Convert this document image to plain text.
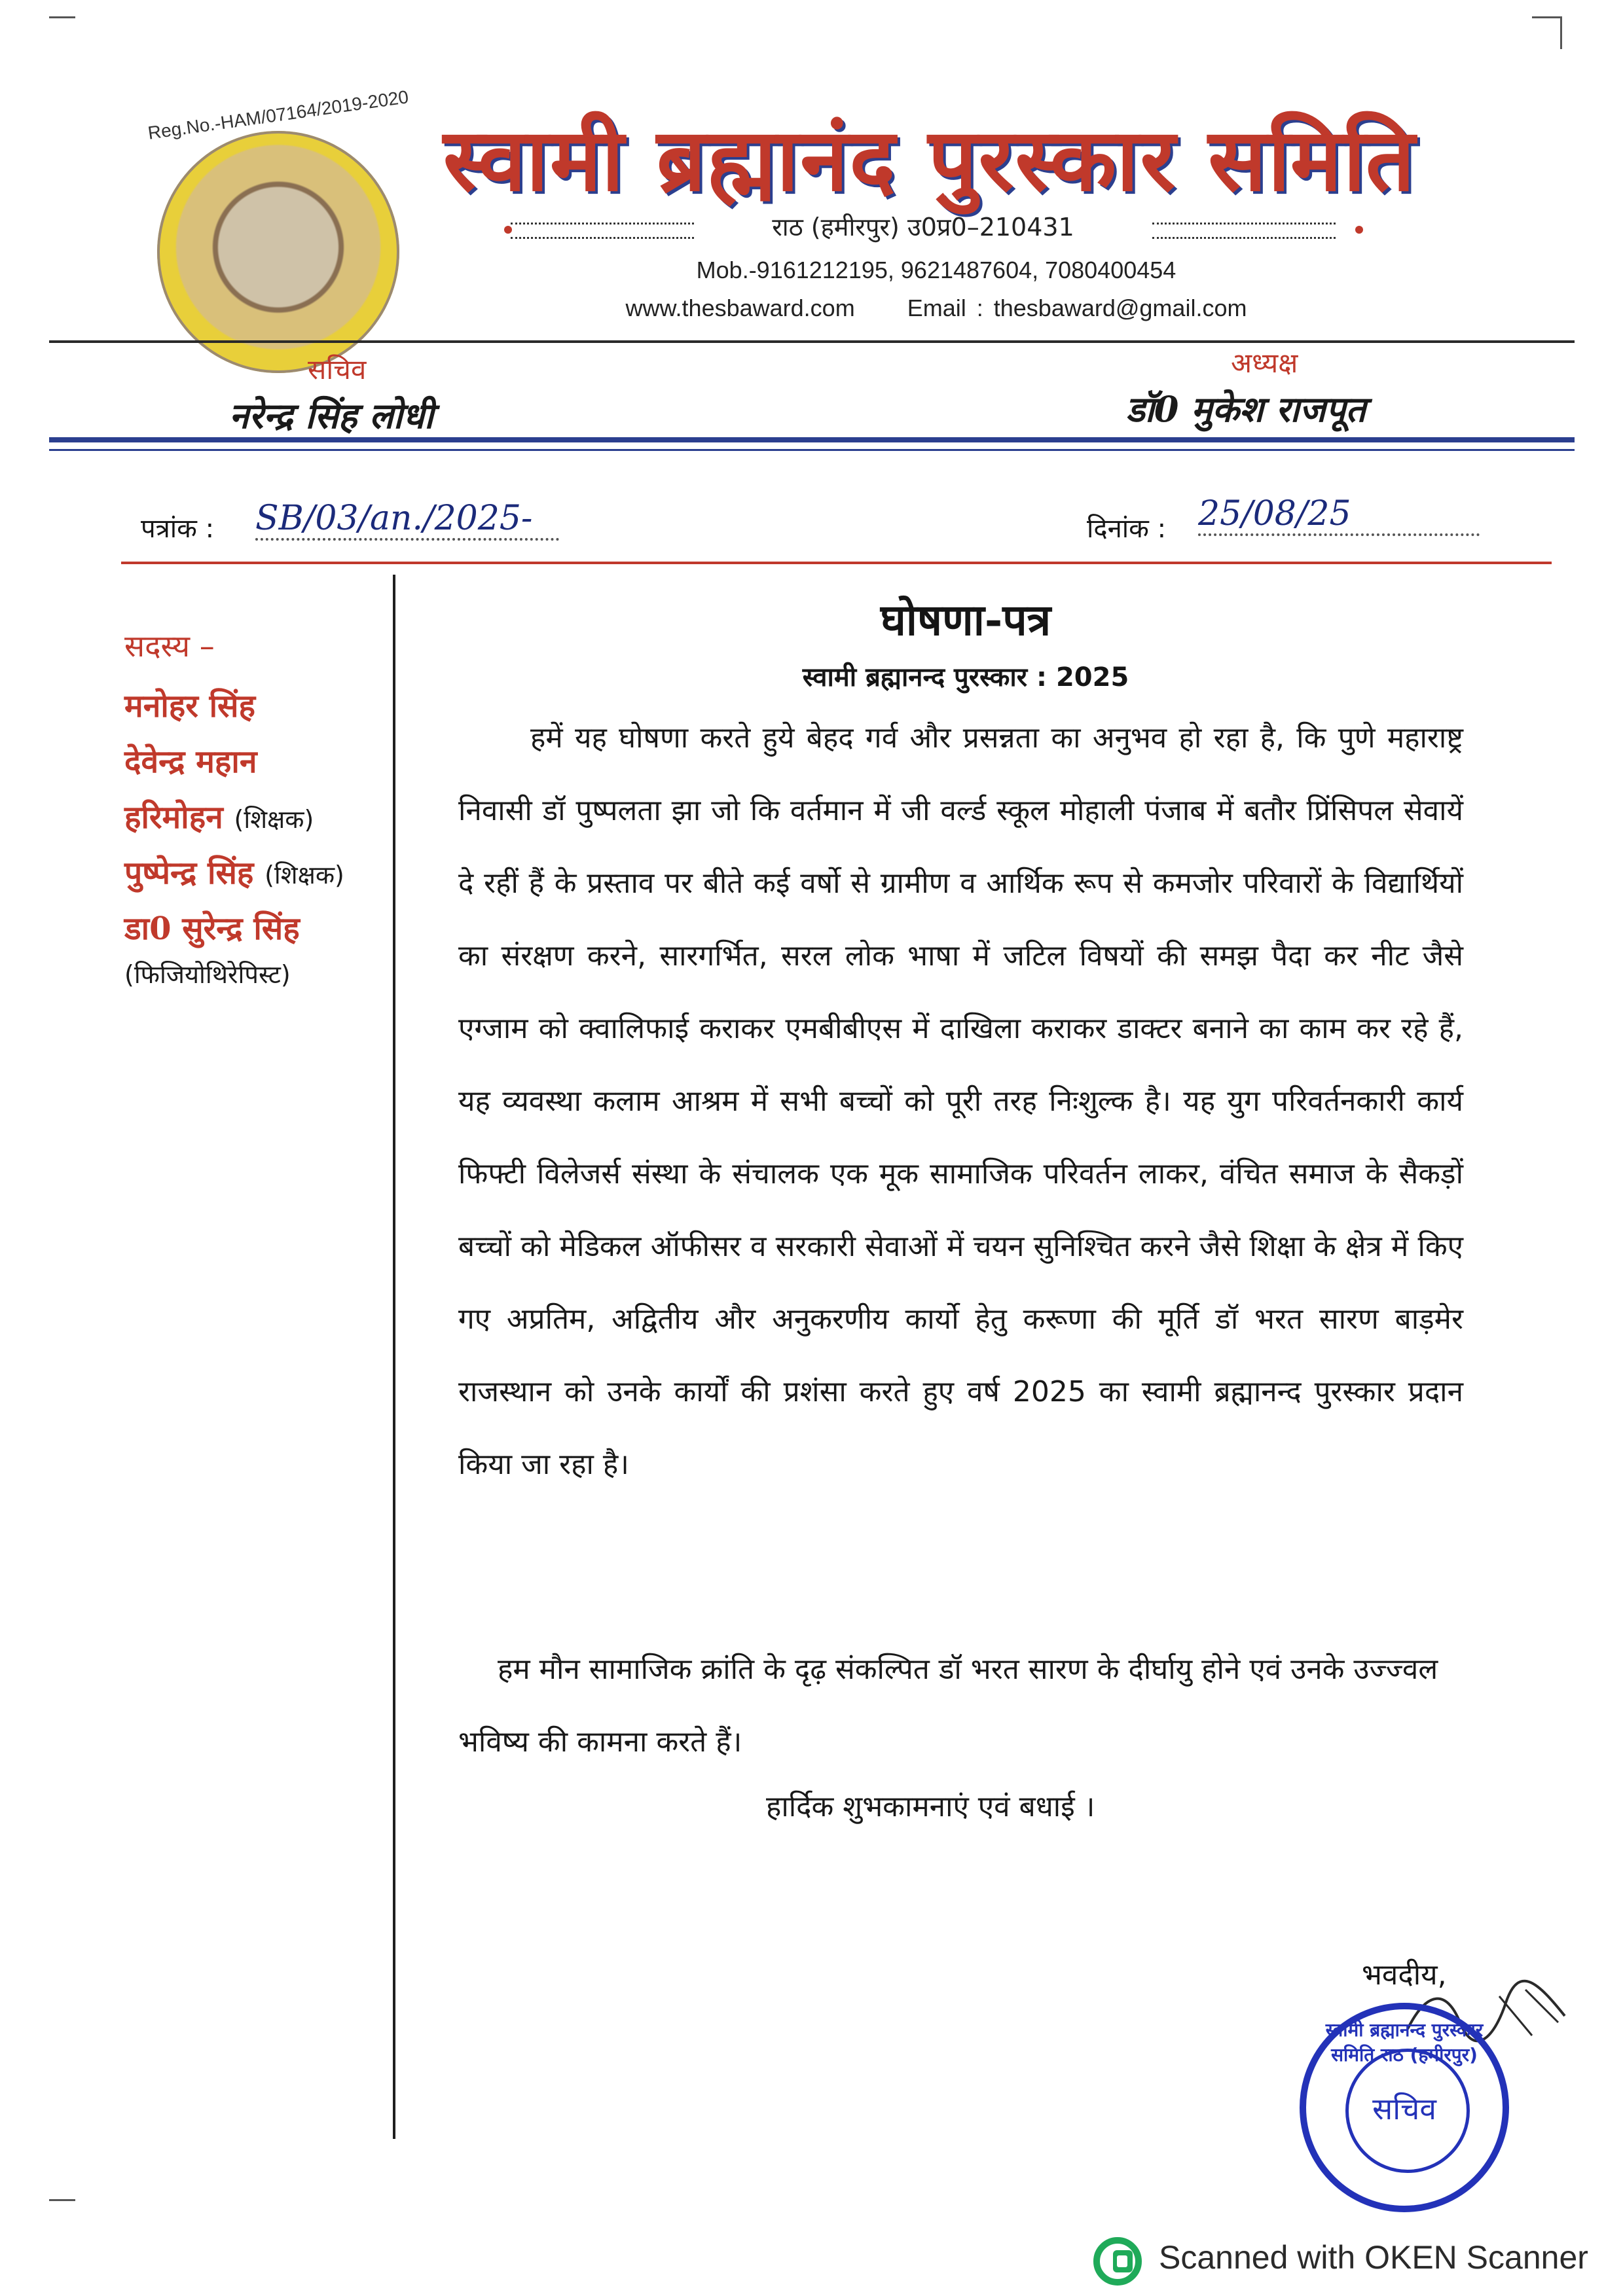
Reg.No.-HAM/07164/2019-2020 स्वामी ब्रह्मानंद पुरस्कार समिति
राठ (हमीरपुर) उ0प्र0–210431
Mob.-9161212195, 9621487604, 7080400454
www.thesbaward.com Email : thesbaward@gmail.com
सचिव
नरेन्द्र सिंह लोधी
अध्यक्ष
डॉ0 मुकेश राजपूत
पत्रांक : SB/03/an./2025-	दिनांक : 25/08/25
सदस्य –
मनोहर सिंह
देवेन्द्र महान
हरिमोहन (शिक्षक)
पुष्पेन्द्र सिंह (शिक्षक)
डा0 सुरेन्द्र सिंह
(फिजियोथिरेपिस्ट)
घोषणा-पत्र
स्वामी ब्रह्मानन्द पुरस्कार : 2025
हमें यह घोषणा करते हुये बेहद गर्व और प्रसन्नता का अनुभव हो रहा है, कि पुणे महाराष्ट्र निवासी डॉ पुष्पलता झा जो कि वर्तमान में जी वर्ल्ड स्कूल मोहाली पंजाब में बतौर प्रिंसिपल सेवायें दे रहीं हैं के प्रस्ताव पर बीते कई वर्षो से ग्रामीण व आर्थिक रूप से कमजोर परिवारों के विद्यार्थियों का संरक्षण करने, सारगर्भित, सरल लोक भाषा में जटिल विषयों की समझ पैदा कर नीट जैसे एग्जाम को क्वालिफाई कराकर एमबीबीएस में दाखिला कराकर डाक्टर बनाने का काम कर रहे हैं, यह व्यवस्था कलाम आश्रम में सभी बच्चों को पूरी तरह निःशुल्क है। यह युग परिवर्तनकारी कार्य फिफ्टी विलेजर्स संस्था के संचालक एक मूक सामाजिक परिवर्तन लाकर, वंचित समाज के सैकड़ों बच्चों को मेडिकल ऑफीसर व सरकारी सेवाओं में चयन सुनिश्चित करने जैसे शिक्षा के क्षेत्र में किए गए अप्रतिम, अद्वितीय और अनुकरणीय कार्यो हेतु करूणा की मूर्ति डॉ भरत सारण बाड़मेर राजस्थान को उनके कार्यों की प्रशंसा करते हुए वर्ष 2025 का स्वामी ब्रह्मानन्द पुरस्कार प्रदान किया जा रहा है।
हम मौन सामाजिक क्रांति के दृढ़ संकल्पित डॉ भरत सारण के दीर्घायु होने एवं उनके उज्ज्वल भविष्य की कामना करते हैं।
हार्दिक शुभकामनाएं एवं बधाई ।
भवदीय,
स्वामी ब्रह्मानन्द पुरस्कार समिति राठ (हमीरपुर)
सचिव
Scanned with OKEN Scanner
